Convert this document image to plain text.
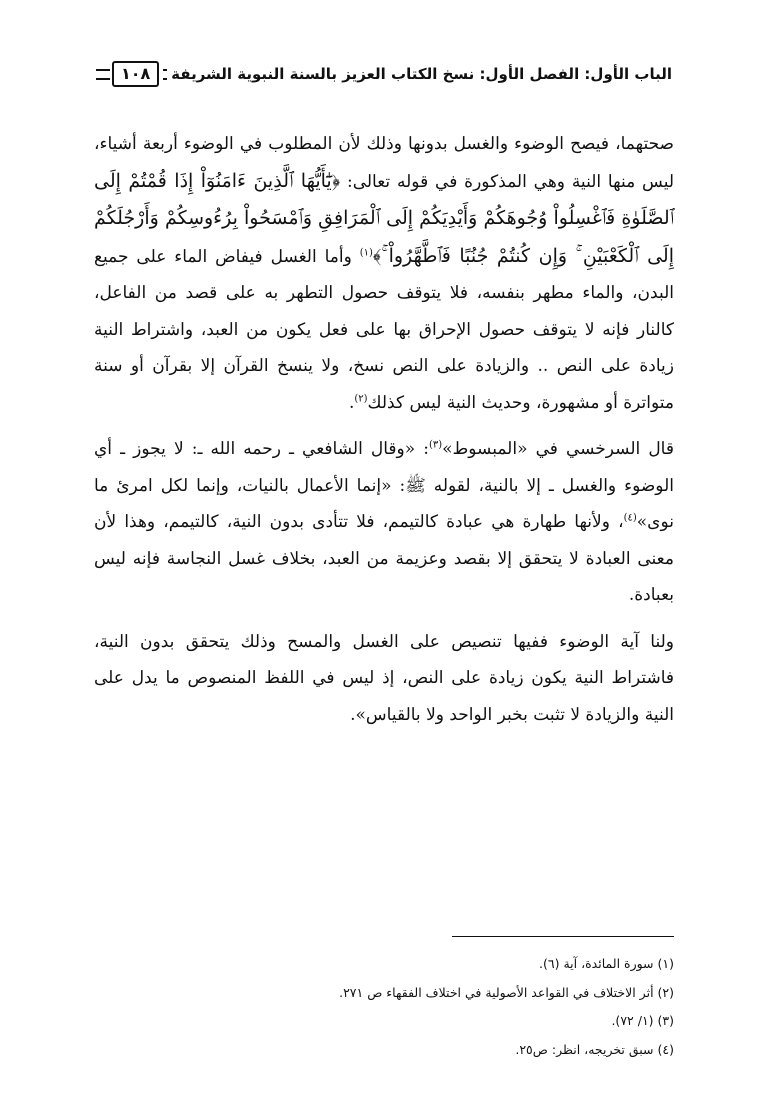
الباب الأول: الفصل الأول: نسخ الكتاب العزيز بالسنة النبوية الشريفة
١٠٨

صحتهما، فيصح الوضوء والغسل بدونها وذلك لأن المطلوب في الوضوء أربعة أشياء، ليس منها النية وهي المذكورة في قوله تعالى: ﴿يَٰٓأَيُّهَا ٱلَّذِينَ ءَامَنُوٓاْ إِذَا قُمْتُمْ إِلَى ٱلصَّلَوٰةِ فَٱغْسِلُواْ وُجُوهَكُمْ وَأَيْدِيَكُمْ إِلَى ٱلْمَرَافِقِ وَٱمْسَحُواْ بِرُءُوسِكُمْ وَأَرْجُلَكُمْ إِلَى ٱلْكَعْبَيْنِ ۚ وَإِن كُنتُمْ جُنُبًا فَٱطَّهَّرُواْ ۚ﴾$^{(١)}$ وأما الغسل فيفاض الماء على جميع البدن، والماء مطهر بنفسه، فلا يتوقف حصول التطهر به على قصد من الفاعل، كالنار فإنه لا يتوقف حصول الإحراق بها على فعل يكون من العبد، واشتراط النية زيادة على النص .. والزيادة على النص نسخ، ولا ينسخ القرآن إلا بقرآن أو سنة متواترة أو مشهورة، وحديث النية ليس كذلك$^{(٢)}$.

قال السرخسي في «المبسوط»$^{(٣)}$: «وقال الشافعي ـ رحمه الله ـ: لا يجوز ـ أي الوضوء والغسل ـ إلا بالنية، لقوله ﷺ: «إنما الأعمال بالنيات، وإنما لكل امرئ ما نوى»$^{(٤)}$، ولأنها طهارة هي عبادة كالتيمم، فلا تتأدى بدون النية، كالتيمم، وهذا لأن معنى العبادة لا يتحقق إلا بقصد وعزيمة من العبد، بخلاف غسل النجاسة فإنه ليس بعبادة.

ولنا آية الوضوء ففيها تنصيص على الغسل والمسح وذلك يتحقق بدون النية، فاشتراط النية يكون زيادة على النص، إذ ليس في اللفظ المنصوص ما يدل على النية والزيادة لا تثبت بخبر الواحد ولا بالقياس».

(١) سورة المائدة، آية (٦).
(٢) أثر الاختلاف في القواعد الأصولية في اختلاف الفقهاء ص ٢٧١.
(٣) (١/ ٧٢).
(٤) سبق تخريجه، انظر: ص٢٥.
